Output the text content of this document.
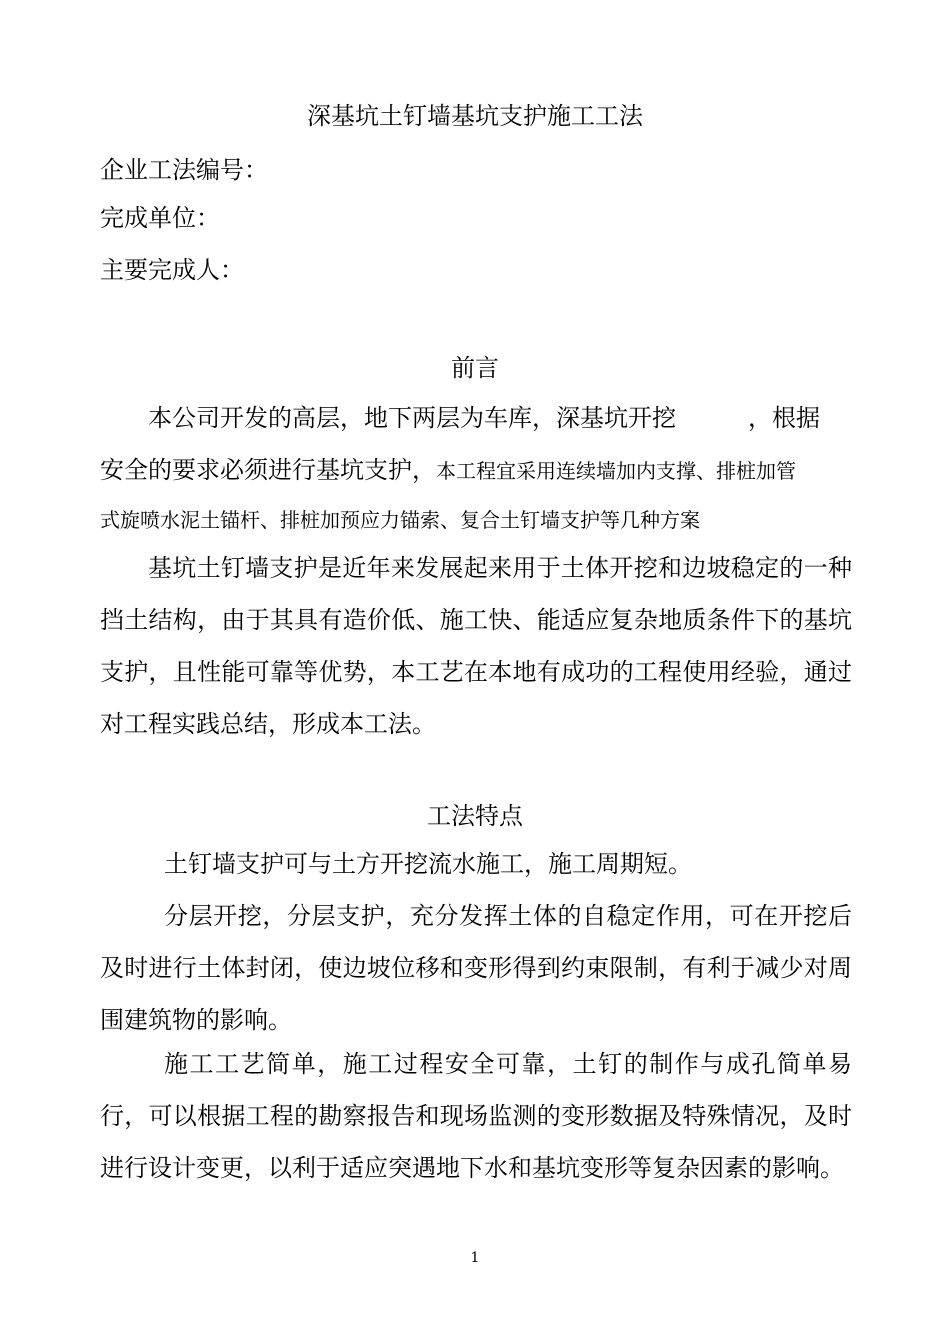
深基坑土钉墙基坑支护施工工法
企业工法编号：
完成单位：
主要完成人：
前言
本公司开发的高层，地下两层为车库，深基坑开挖　　　，根据
安全的要求必须进行基坑支护，本工程宜采用连续墙加内支撑、排桩加管
式旋喷水泥土锚杆、排桩加预应力锚索、复合土钉墙支护等几种方案

基坑土钉墙支护是近年来发展起来用于土体开挖和边坡稳定的一种挡土结构，由于其具有造价低、施工快、能适应复杂地质条件下的基坑支护，且性能可靠等优势，本工艺在本地有成功的工程使用经验，通过对工程实践总结，形成本工法。

工法特点

土钉墙支护可与土方开挖流水施工，施工周期短。

分层开挖，分层支护，充分发挥土体的自稳定作用，可在开挖后及时进行土体封闭，使边坡位移和变形得到约束限制，有利于减少对周围建筑物的影响。

施工工艺简单，施工过程安全可靠，土钉的制作与成孔简单易行，可以根据工程的勘察报告和现场监测的变形数据及特殊情况，及时进行设计变更，以利于适应突遇地下水和基坑变形等复杂因素的影响。

1
